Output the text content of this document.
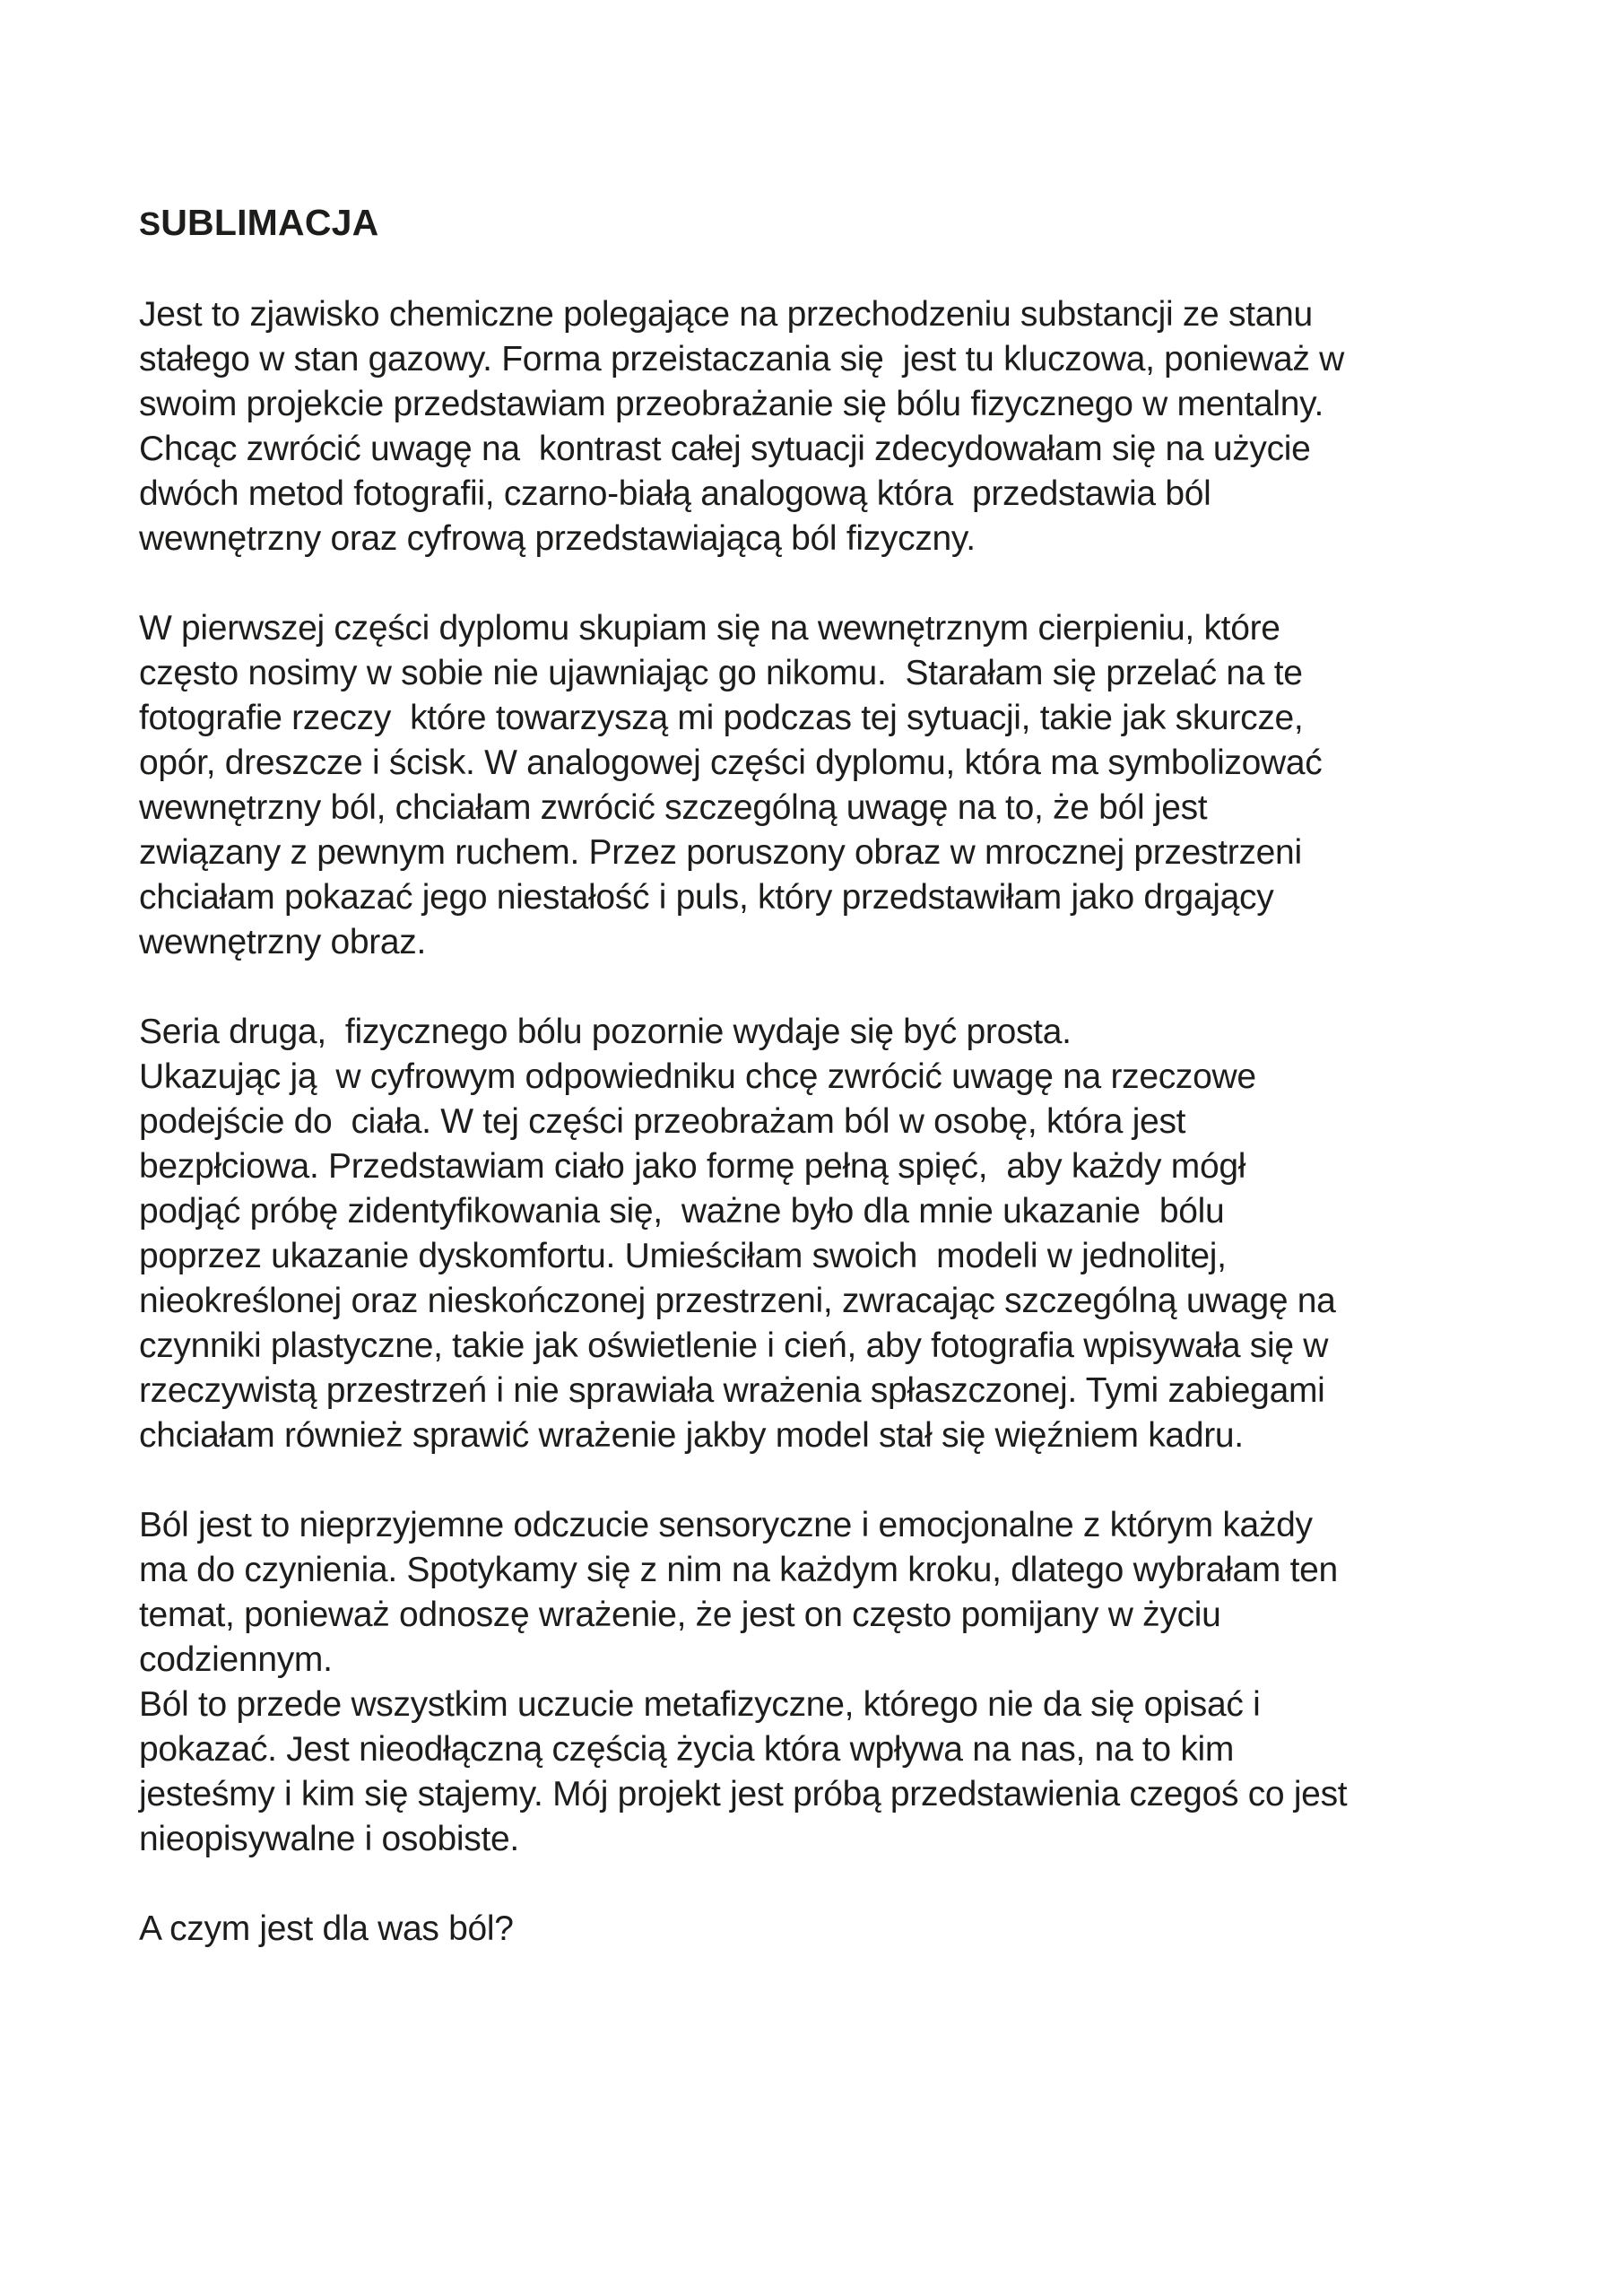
SUBLIMACJA
Jest to zjawisko chemiczne polegające na przechodzeniu substancji ze stanu
stałego w stan gazowy. Forma przeistaczania się  jest tu kluczowa, ponieważ w
swoim projekcie przedstawiam przeobrażanie się bólu fizycznego w mentalny.
Chcąc zwrócić uwagę na  kontrast całej sytuacji zdecydowałam się na użycie
dwóch metod fotografii, czarno-białą analogową która  przedstawia ból
wewnętrzny oraz cyfrową przedstawiającą ból fizyczny.
W pierwszej części dyplomu skupiam się na wewnętrznym cierpieniu, które
często nosimy w sobie nie ujawniając go nikomu.  Starałam się przelać na te
fotografie rzeczy  które towarzyszą mi podczas tej sytuacji, takie jak skurcze,
opór, dreszcze i ścisk. W analogowej części dyplomu, która ma symbolizować
wewnętrzny ból, chciałam zwrócić szczególną uwagę na to, że ból jest
związany z pewnym ruchem. Przez poruszony obraz w mrocznej przestrzeni
chciałam pokazać jego niestałość i puls, który przedstawiłam jako drgający
wewnętrzny obraz.
Seria druga,  fizycznego bólu pozornie wydaje się być prosta.
Ukazując ją  w cyfrowym odpowiedniku chcę zwrócić uwagę na rzeczowe
podejście do  ciała. W tej części przeobrażam ból w osobę, która jest
bezpłciowa. Przedstawiam ciało jako formę pełną spięć,  aby każdy mógł
podjąć próbę zidentyfikowania się,  ważne było dla mnie ukazanie  bólu
poprzez ukazanie dyskomfortu. Umieściłam swoich  modeli w jednolitej,
nieokreślonej oraz nieskończonej przestrzeni, zwracając szczególną uwagę na
czynniki plastyczne, takie jak oświetlenie i cień, aby fotografia wpisywała się w
rzeczywistą przestrzeń i nie sprawiała wrażenia spłaszczonej. Tymi zabiegami
chciałam również sprawić wrażenie jakby model stał się więźniem kadru.
Ból jest to nieprzyjemne odczucie sensoryczne i emocjonalne z którym każdy
ma do czynienia. Spotykamy się z nim na każdym kroku, dlatego wybrałam ten
temat, ponieważ odnoszę wrażenie, że jest on często pomijany w życiu
codziennym.
Ból to przede wszystkim uczucie metafizyczne, którego nie da się opisać i
pokazać. Jest nieodłączną częścią życia która wpływa na nas, na to kim
jesteśmy i kim się stajemy. Mój projekt jest próbą przedstawienia czegoś co jest
nieopisywalne i osobiste.
A czym jest dla was ból?
